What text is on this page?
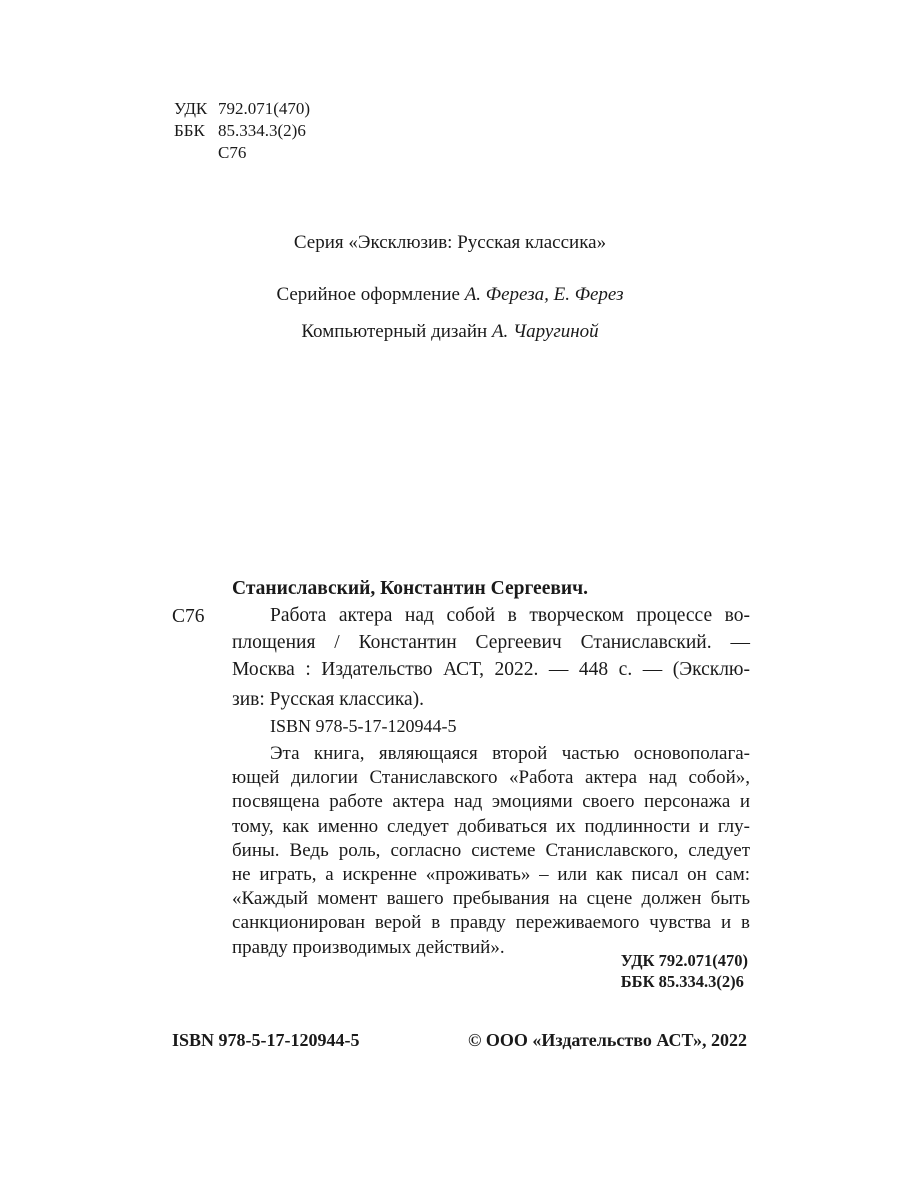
УДК 792.071(470)
ББК 85.334.3(2)6
С76
Серия «Эксклюзив: Русская классика»
Серийное оформление А. Фереза, Е. Ферез
Компьютерный дизайн А. Чаругиной
Станиславский, Константин Сергеевич.
С76	Работа актера над собой в творческом процессе во-
площения / Константин Сергеевич Станиславский. —
Москва : Издательство АСТ, 2022. — 448 с. — (Эксклю-
зив: Русская классика).
ISBN 978-5-17-120944-5
Эта книга, являющаяся второй частью основополага-
ющей дилогии Станиславского «Работа актера над собой»,
посвящена работе актера над эмоциями своего персонажа и
тому, как именно следует добиваться их подлинности и глу-
бины. Ведь роль, согласно системе Станиславского, следует
не играть, а искренне «проживать» – или как писал он сам:
«Каждый момент вашего пребывания на сцене должен быть
санкционирован верой в правду переживаемого чувства и в
правду производимых действий».
УДК 792.071(470)
ББК 85.334.3(2)6
ISBN 978-5-17-120944-5	© ООО «Издательство АСТ», 2022
